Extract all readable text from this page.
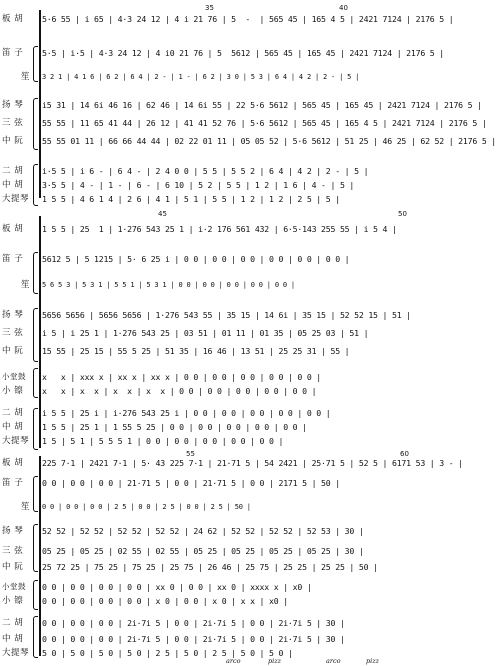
35	40
板 胡	5·6 55 | i 65 | 4·3 24 12 | 4 i 21 76 | 5  -  | 565 45 | 165 4 5 | 2421 7124 | 2176 5 |
笛 子	5·5 | i·5 | 4·3 24 12 | 4 i0 21 76 | 5  5612 | 565 45 | 165 45 | 2421 7124 | 2176 5 |
笙	3 2 1 | 4 1 6 | 6 2 | 6 4 | 2 - | 1 - | 6 2 | 3 0 | 5 3 | 6 4 | 4 2 | 2 - | 5 |
扬 琴	i5 31 | 14 6i 46 16 | 62 46 | 14 6i 55 | 22 5·6 5612 | 565 45 | 165 45 | 2421 7124 | 2176 5 |
三 弦	55 55 | 11 65 41 44 | 26 12 | 41 41 52 76 | 5·6 5612 | 565 45 | 165 4 5 | 2421 7124 | 2176 5 |
中 阮	55 55 01 11 | 66 66 44 44 | 02 22 01 11 | 05 05 52 | 5·6 5612 | 51 25 | 46 25 | 62 52 | 2176 5 |
二 胡	i·5 5 | i 6 - | 6 4 - | 2 4 0 0 | 5 5 | 5 5 2 | 6 4 | 4 2 | 2 - | 5 |
中 胡	3·5 5 | 4 - | 1 - | 6 - | 6 10 | 5 2 | 5 5 | 1 2 | 1 6 | 4 - | 5 |
大提琴	1 5 5 | 4 6 1 4 | 2 6 | 4 1 | 5 1 | 5 5 | 1 2 | 1 2 | 2 5 | 5 |
45	50
板 胡	1 5 5 | 25  1 | 1·276 543 25 1 | i·2 176 561 432 | 6·5·143 255 55 | i 5 4 |
笛 子	5612 5 | 5 1215 | 5· 6 25 i | 0 0 | 0 0 | 0 0 | 0 0 | 0 0 | 0 0 |
笙	5 6 5 3 | 5 3 1 | 5 5 1 | 5 3 1 | 0 0 | 0 0 | 0 0 | 0 0 | 0 0 |
扬 琴	5656 5656 | 5656 5656 | 1·276 543 55 | 35 15 | 14 6i | 35 15 | 52 52 15 | 51 |
三 弦	i 5 | i 25 1 | 1·276 543 25 | 03 51 | 01 11 | 01 35 | 05 25 03 | 51 |
中 阮	15 55 | 25 15 | 55 5 25 | 51 35 | 16 46 | 13 51 | 25 25 31 | 55 |
小堂鼓	x   x | xxx x | xx x | xx x | 0 0 | 0 0 | 0 0 | 0 0 | 0 0 |
小 镲	x   x | x  x | x  x | x  x | 0 0 | 0 0 | 0 0 | 0 0 | 0 0 |
二 胡	i 5 5 | 25 i | i·276 543 25 i | 0 0 | 0 0 | 0 0 | 0 0 | 0 0 |
中 胡	1 5 5 | 25 1 | 1 55 5 25 | 0 0 | 0 0 | 0 0 | 0 0 | 0 0 |
大提琴	1 5 | 5 1 | 5 5 5 1 | 0 0 | 0 0 | 0 0 | 0 0 | 0 0 |
55	60
板 胡	225 7·1 | 2421 7·1 | 5· 43 225 7·1 | 21·71 5 | 54 2421 | 25·71 5 | 52 5 | 6171 53 | 3 - |
笛 子	0 0 | 0 0 | 0 0 | 21·71 5 | 0 0 | 21·71 5 | 0 0 | 2171 5 | 50 |
笙	0 0 | 0 0 | 0 0 | 2 5 | 0 0 | 2 5 | 0 0 | 2 5 | 50 |
扬 琴	52 52 | 52 52 | 52 52 | 52 52 | 24 62 | 52 52 | 52 52 | 52 53 | 30 |
三 弦	05 25 | 05 25 | 02 55 | 02 55 | 05 25 | 05 25 | 05 25 | 05 25 | 30 |
中 阮	25 72 25 | 75 25 | 75 25 | 25 75 | 26 46 | 25 75 | 25 25 | 25 25 | 50 |
小堂鼓	0 0 | 0 0 | 0 0 | 0 0 | xx 0 | 0 0 | xx 0 | xxxx x | x0 |
小 镲	0 0 | 0 0 | 0 0 | 0 0 | x 0 | 0 0 | x 0 | x x | x0 |
二 胡	0 0 | 0 0 | 0 0 | 2i·7i 5 | 0 0 | 2i·7i 5 | 0 0 | 2i·7i 5 | 30 |
中 胡	0 0 | 0 0 | 0 0 | 2i·7i 5 | 0 0 | 2i·7i 5 | 0 0 | 2i·7i 5 | 30 |
大提琴	5 0 | 5 0 | 5 0 | 5 0 | 2 5 | 5 0 | 2 5 | 5 0 | 5 0 |
arco	pizz	arco	pizz
